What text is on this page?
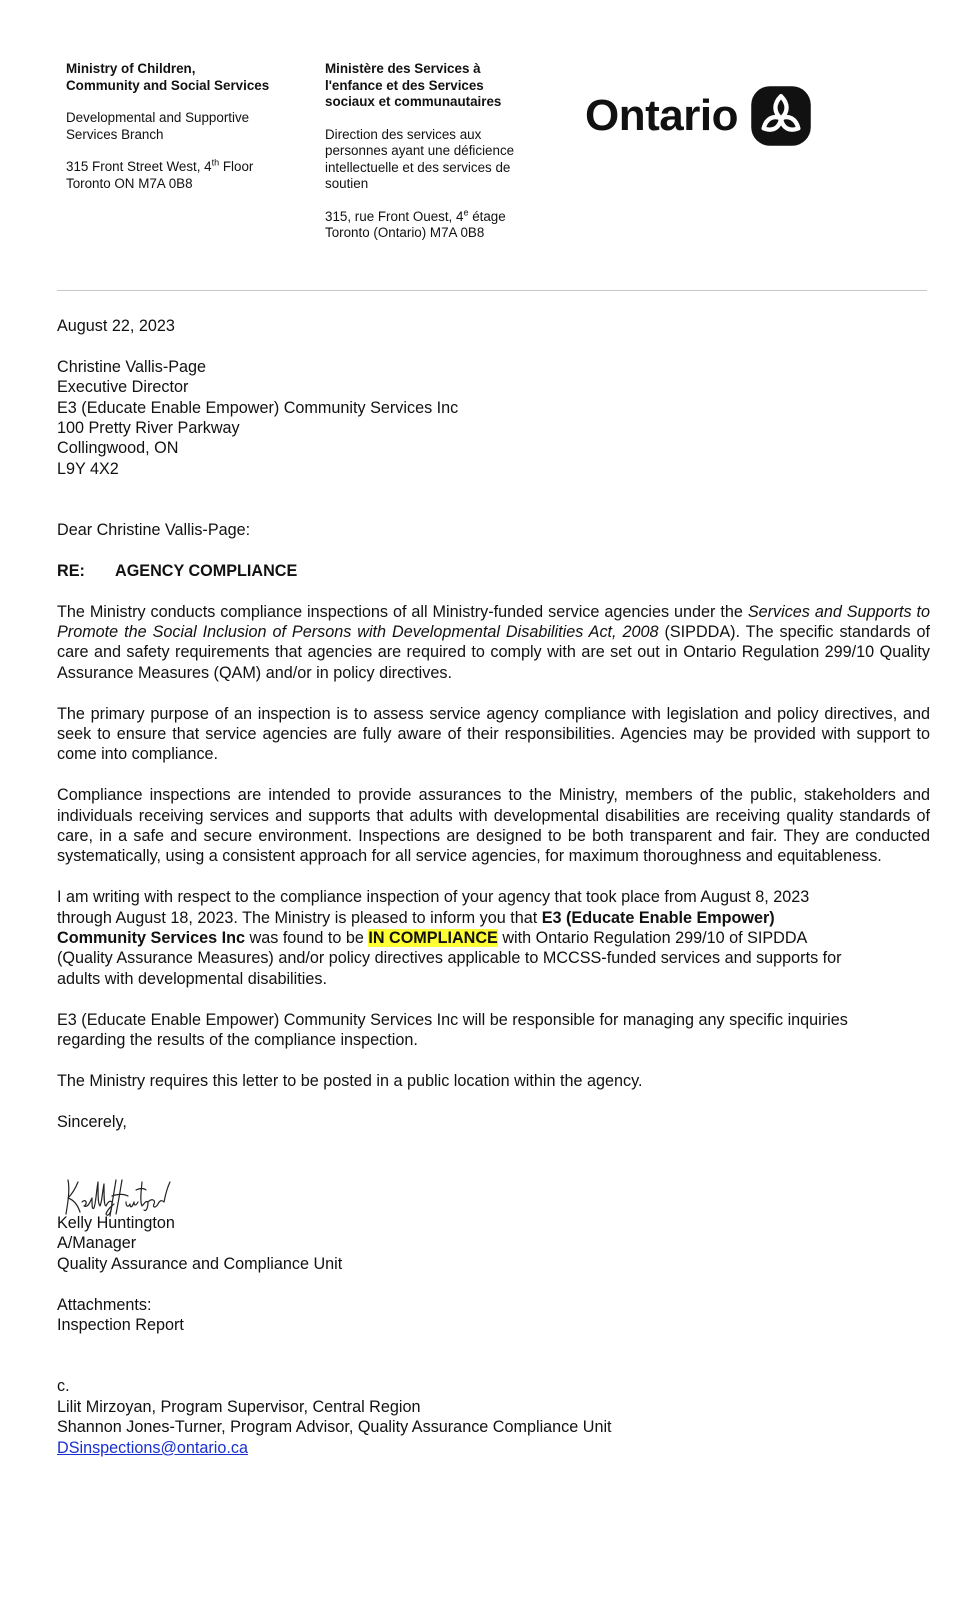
Ministry of Children,
Community and Social Services
Developmental and Supportive
Services Branch
315 Front Street West, 4th Floor
Toronto ON M7A 0B8
Ministère des Services à
l'enfance et des Services
sociaux et communautaires
Direction des services aux
personnes ayant une déficience
intellectuelle et des services de
soutien
315, rue Front Ouest, 4e étage
Toronto (Ontario) M7A 0B8
Ontario

August 22, 2023

Christine Vallis-Page

Executive Director

E3 (Educate Enable Empower) Community Services Inc

100 Pretty River Parkway

Collingwood, ON

L9Y 4X2

Dear Christine Vallis-Page:

RE: AGENCY COMPLIANCE

The Ministry conducts compliance inspections of all Ministry-funded service agencies under the Services and Supports to Promote the Social Inclusion of Persons with Developmental Disabilities Act, 2008 (SIPDDA). The specific standards of care and safety requirements that agencies are required to comply with are set out in Ontario Regulation 299/10 Quality Assurance Measures (QAM) and/or in policy directives.

The primary purpose of an inspection is to assess service agency compliance with legislation and policy directives, and seek to ensure that service agencies are fully aware of their responsibilities. Agencies may be provided with support to come into compliance.

Compliance inspections are intended to provide assurances to the Ministry, members of the public, stakeholders and individuals receiving services and supports that adults with developmental disabilities are receiving quality standards of care, in a safe and secure environment. Inspections are designed to be both transparent and fair. They are conducted systematically, using a consistent approach for all service agencies, for maximum thoroughness and equitableness.

I am writing with respect to the compliance inspection of your agency that took place from August 8, 2023

through August 18, 2023. The Ministry is pleased to inform you that E3 (Educate Enable Empower)

Community Services Inc was found to be IN COMPLIANCE with Ontario Regulation 299/10 of SIPDDA

(Quality Assurance Measures) and/or policy directives applicable to MCCSS-funded services and supports for

adults with developmental disabilities.

E3 (Educate Enable Empower) Community Services Inc will be responsible for managing any specific inquiries

regarding the results of the compliance inspection.

The Ministry requires this letter to be posted in a public location within the agency.

Sincerely,

Kelly Huntington

A/Manager

Quality Assurance and Compliance Unit

Attachments:

Inspection Report

c.

Lilit Mirzoyan, Program Supervisor, Central Region

Shannon Jones-Turner, Program Advisor, Quality Assurance Compliance Unit

DSinspections@ontario.ca
